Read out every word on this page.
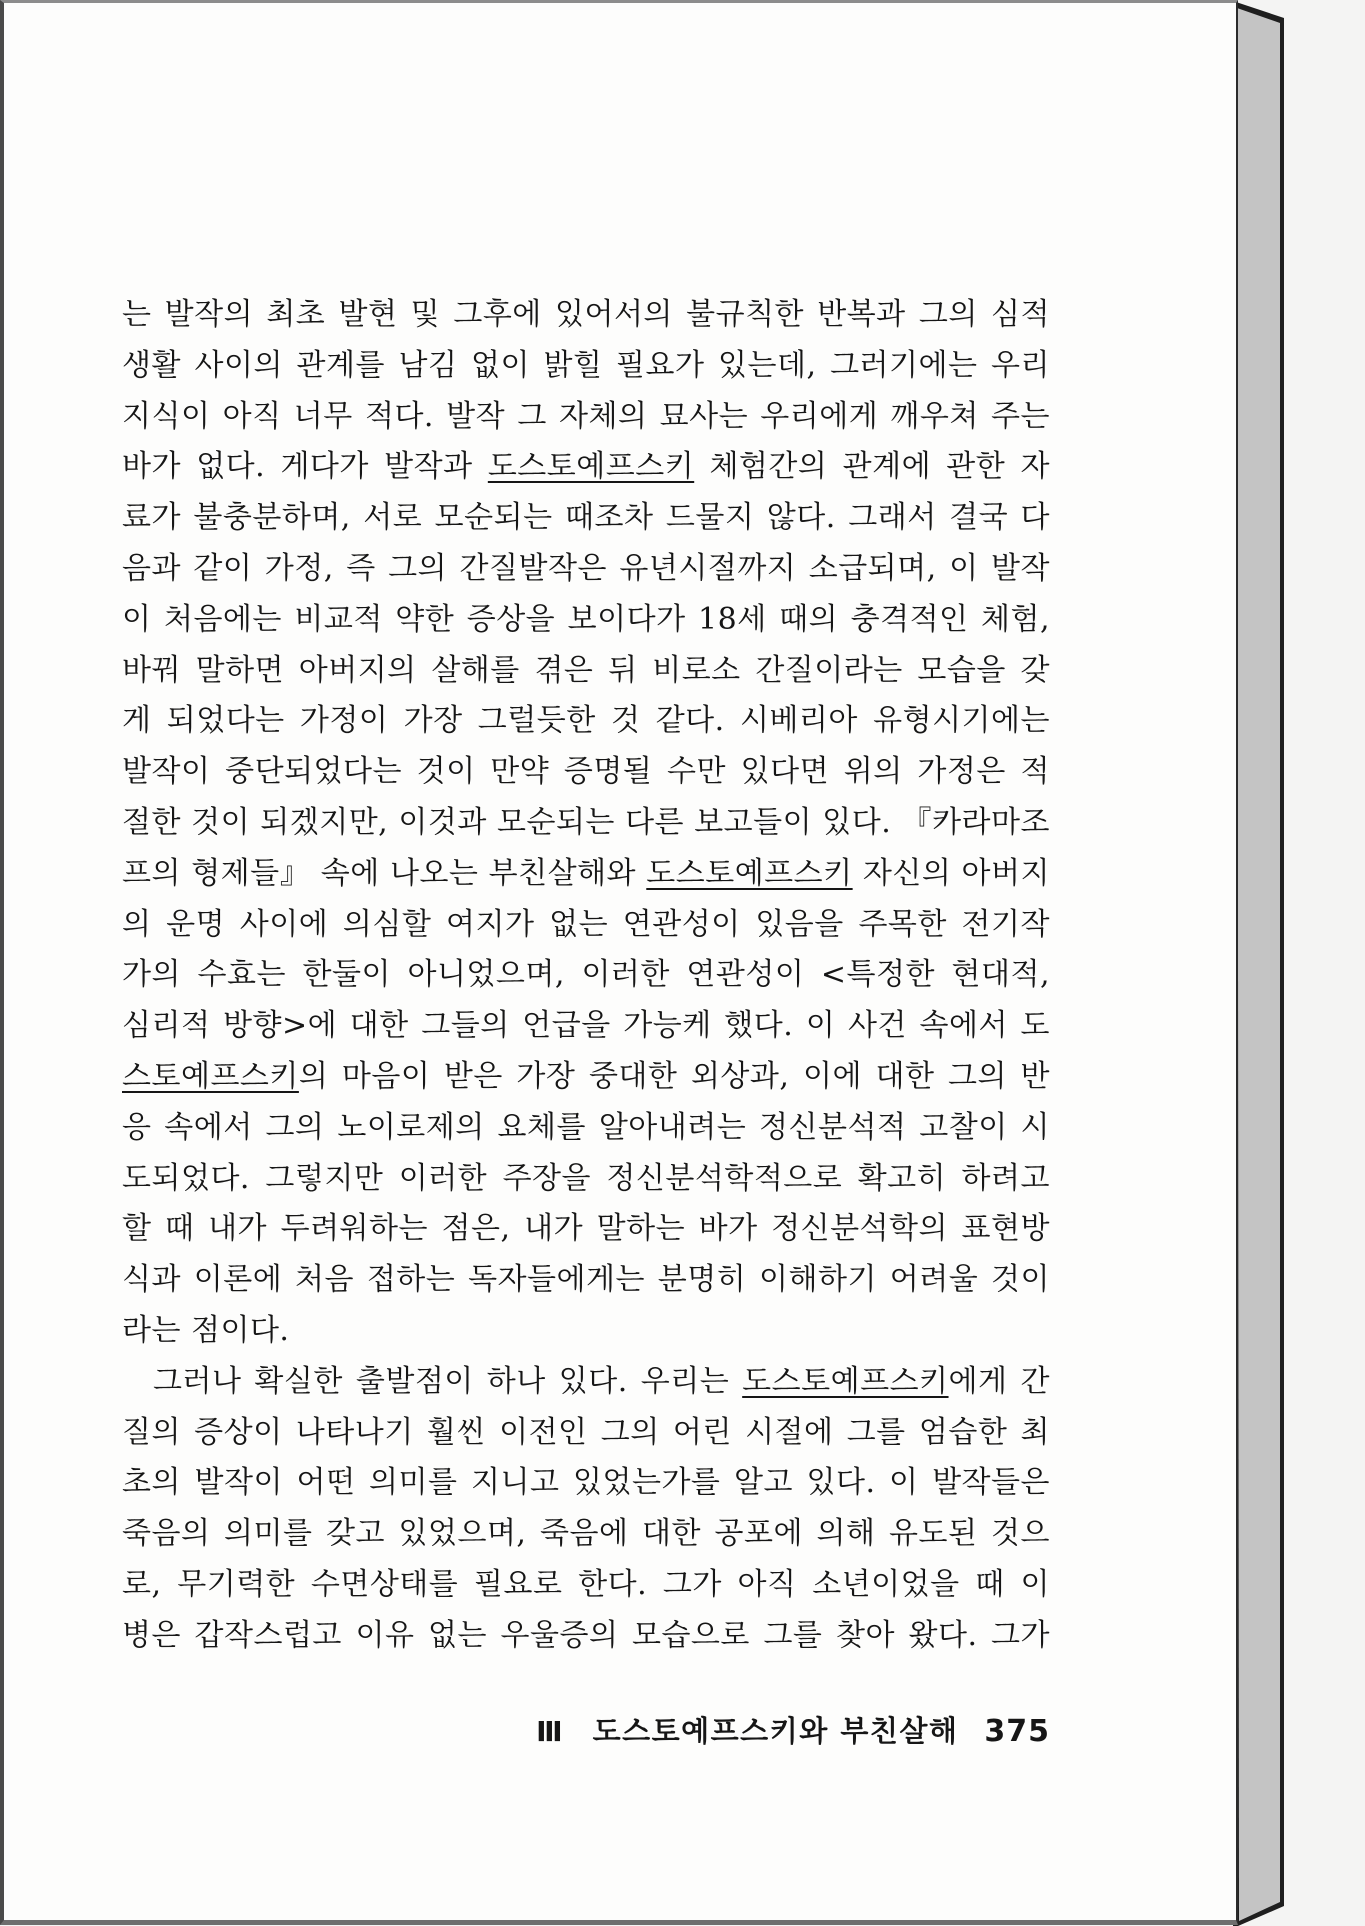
는 발작의 최초 발현 및 그후에 있어서의 불규칙한 반복과 그의 심적
생활 사이의 관계를 남김 없이 밝힐 필요가 있는데, 그러기에는 우리
지식이 아직 너무 적다. 발작 그 자체의 묘사는 우리에게 깨우쳐 주는
바가 없다. 게다가 발작과 도스토예프스키 체험간의 관계에 관한 자
료가 불충분하며, 서로 모순되는 때조차 드물지 않다. 그래서 결국 다
음과 같이 가정, 즉 그의 간질발작은 유년시절까지 소급되며, 이 발작
이 처음에는 비교적 약한 증상을 보이다가 18세 때의 충격적인 체험,
바꿔 말하면 아버지의 살해를 겪은 뒤 비로소 간질이라는 모습을 갖
게 되었다는 가정이 가장 그럴듯한 것 같다. 시베리아 유형시기에는
발작이 중단되었다는 것이 만약 증명될 수만 있다면 위의 가정은 적
절한 것이 되겠지만, 이것과 모순되는 다른 보고들이 있다. 『카라마조
프의 형제들』 속에 나오는 부친살해와 도스토예프스키 자신의 아버지
의 운명 사이에 의심할 여지가 없는 연관성이 있음을 주목한 전기작
가의 수효는 한둘이 아니었으며, 이러한 연관성이 <특정한 현대적,
심리적 방향>에 대한 그들의 언급을 가능케 했다. 이 사건 속에서 도
스토예프스키의 마음이 받은 가장 중대한 외상과, 이에 대한 그의 반
응 속에서 그의 노이로제의 요체를 알아내려는 정신분석적 고찰이 시
도되었다. 그렇지만 이러한 주장을 정신분석학적으로 확고히 하려고
할 때 내가 두려워하는 점은, 내가 말하는 바가 정신분석학의 표현방
식과 이론에 처음 접하는 독자들에게는 분명히 이해하기 어려울 것이
라는 점이다.
그러나 확실한 출발점이 하나 있다. 우리는 도스토예프스키에게 간
질의 증상이 나타나기 훨씬 이전인 그의 어린 시절에 그를 엄습한 최
초의 발작이 어떤 의미를 지니고 있었는가를 알고 있다. 이 발작들은
죽음의 의미를 갖고 있었으며, 죽음에 대한 공포에 의해 유도된 것으
로, 무기력한 수면상태를 필요로 한다. 그가 아직 소년이었을 때 이
병은 갑작스럽고 이유 없는 우울증의 모습으로 그를 찾아 왔다. 그가
Ⅲ 도스토예프스키와 부친살해 375
